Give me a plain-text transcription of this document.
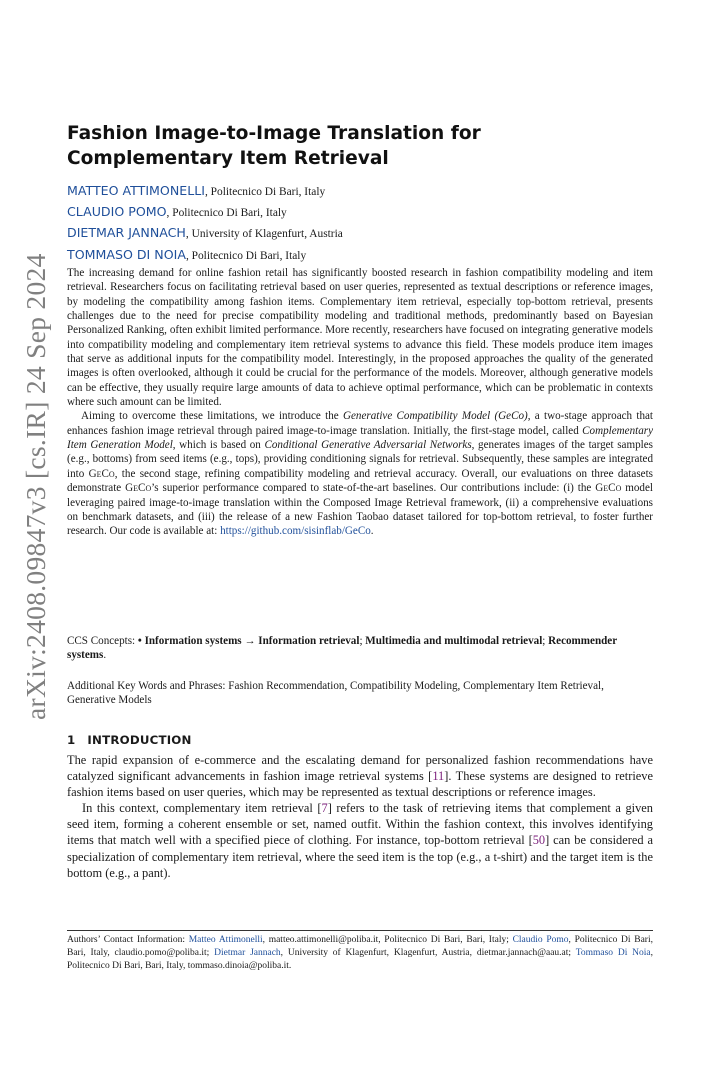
arXiv:2408.09847v3 [cs.IR] 24 Sep 2024
Fashion Image-to-Image Translation for Complementary Item Retrieval
MATTEO ATTIMONELLI, Politecnico Di Bari, Italy
CLAUDIO POMO, Politecnico Di Bari, Italy
DIETMAR JANNACH, University of Klagenfurt, Austria
TOMMASO DI NOIA, Politecnico Di Bari, Italy

The increasing demand for online fashion retail has significantly boosted research in fashion compatibility modeling and item retrieval. Researchers focus on facilitating retrieval based on user queries, represented as textual descriptions or reference images, by modeling the compatibility among fashion items. Complementary item retrieval, especially top-bottom retrieval, presents challenges due to the need for precise compatibility modeling and traditional methods, predominantly based on Bayesian Personalized Ranking, often exhibit limited performance. More recently, researchers have focused on integrating generative models into compatibility modeling and complementary item retrieval systems to advance this field. These models produce item images that serve as additional inputs for the compatibility model. Interestingly, in the proposed approaches the quality of the generated images is often overlooked, although it could be crucial for the performance of the models. Moreover, although generative models can be effective, they usually require large amounts of data to achieve optimal performance, which can be problematic in contexts where such amount can be limited.

Aiming to overcome these limitations, we introduce the Generative Compatibility Model (GeCo), a two-stage approach that enhances fashion image retrieval through paired image-to-image translation. Initially, the first-stage model, called Complementary Item Generation Model, which is based on Conditional Generative Adversarial Networks, generates images of the target samples (e.g., bottoms) from seed items (e.g., tops), providing conditioning signals for retrieval. Subsequently, these samples are integrated into GeCo, the second stage, refining compatibility modeling and retrieval accuracy. Overall, our evaluations on three datasets demonstrate GeCo’s superior performance compared to state-of-the-art baselines. Our contributions include: (i) the GeCo model leveraging paired image-to-image translation within the Composed Image Retrieval framework, (ii) a comprehensive evaluations on benchmark datasets, and (iii) the release of a new Fashion Taobao dataset tailored for top-bottom retrieval, to foster further research. Our code is available at: https://github.com/sisinflab/GeCo.

CCS Concepts: • Information systems → Information retrieval; Multimedia and multimodal retrieval; Recommender systems.

Additional Key Words and Phrases: Fashion Recommendation, Compatibility Modeling, Complementary Item Retrieval, Generative Models

1 INTRODUCTION

The rapid expansion of e-commerce and the escalating demand for personalized fashion recommendations have catalyzed significant advancements in fashion image retrieval systems [11]. These systems are designed to retrieve fashion items based on user queries, which may be represented as textual descriptions or reference images.

In this context, complementary item retrieval [7] refers to the task of retrieving items that complement a given seed item, forming a coherent ensemble or set, named outfit. Within the fashion context, this involves identifying items that match well with a specified piece of clothing. For instance, top-bottom retrieval [50] can be considered a specialization of complementary item retrieval, where the seed item is the top (e.g., a t-shirt) and the target item is the bottom (e.g., a pant).

Authors’ Contact Information: Matteo Attimonelli, matteo.attimonelli@poliba.it, Politecnico Di Bari, Bari, Italy; Claudio Pomo, Politecnico Di Bari, Bari, Italy, claudio.pomo@poliba.it; Dietmar Jannach, University of Klagenfurt, Klagenfurt, Austria, dietmar.jannach@aau.at; Tommaso Di Noia, Politecnico Di Bari, Bari, Italy, tommaso.dinoia@poliba.it.
